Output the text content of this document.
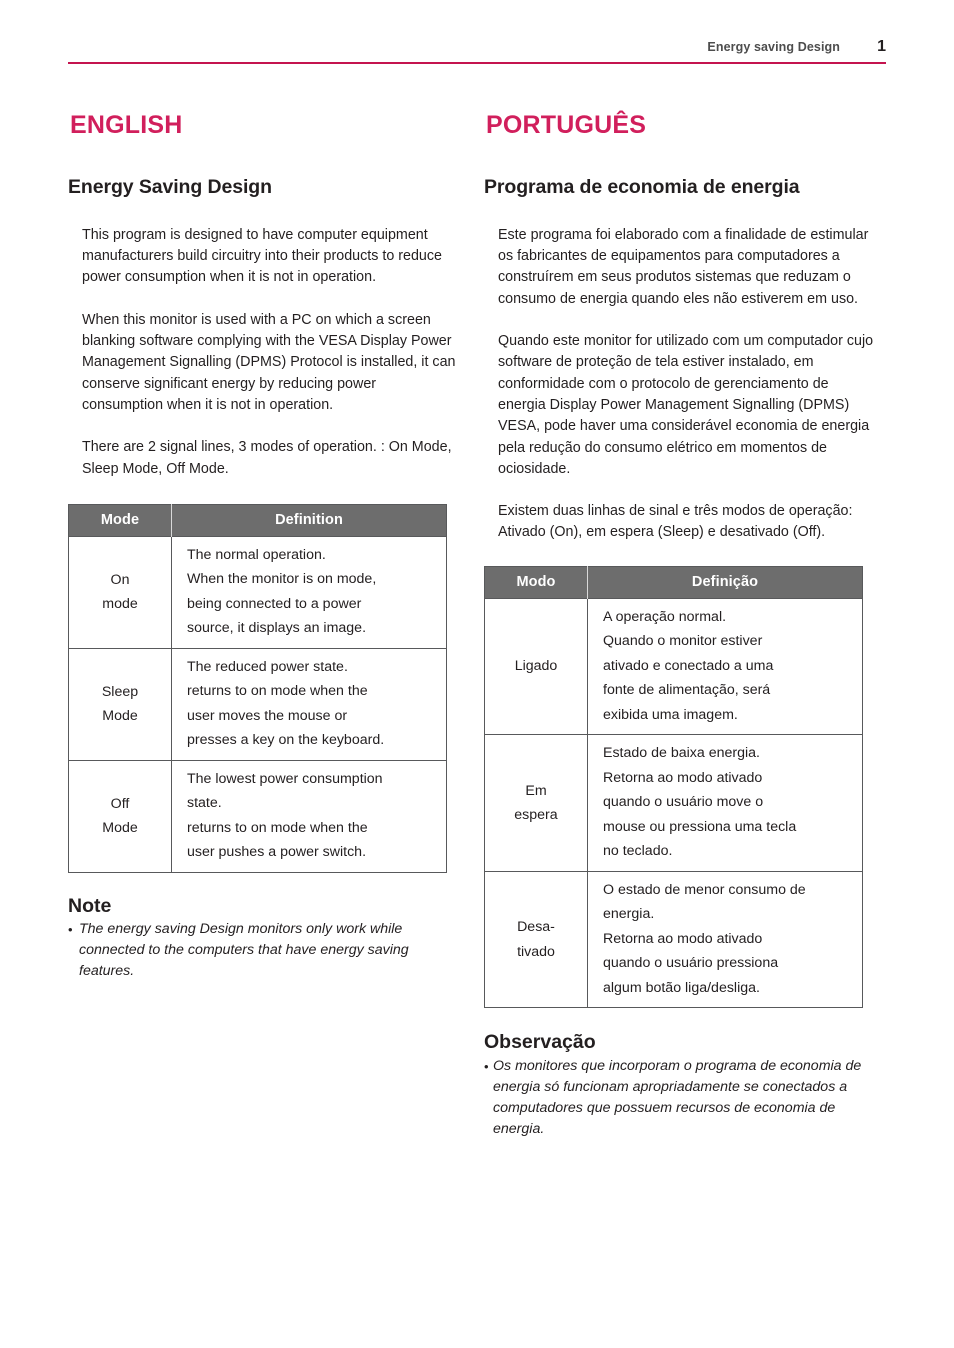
Energy saving Design	1
ENGLISH
Energy Saving Design

This program is designed to have computer equipment manufacturers build circuitry into their products to reduce power consumption when it is not in operation.

When this monitor is used with a PC on which a screen blanking software complying with the VESA Display Power Management Signalling (DPMS) Protocol is installed, it can conserve significant energy by reducing power consumption when it is not in operation.

There are 2 signal lines, 3 modes of operation. : On Mode, Sleep Mode, Off Mode.

Mode	Definition

On
mode	The normal operation.
When the monitor is on mode,
being connected to a power
source, it displays an image.

Sleep
Mode	The reduced power state.
returns to on mode when the
user moves the mouse or
presses a key on the keyboard.

Off
Mode	The lowest power consumption
state.
returns to on mode when the
user pushes a power switch.
Note
• The energy saving Design monitors only work while connected to the computers that have energy saving features.
PORTUGUÊS
Programa de economia de energia

Este programa foi elaborado com a finalidade de estimular os fabricantes de equipamentos para computadores a construírem em seus produtos sistemas que reduzam o consumo de energia quando eles não estiverem em uso.

Quando este monitor for utilizado com um computador cujo software de proteção de tela estiver instalado, em conformidade com o protocolo de gerenciamento de energia Display Power Management Signalling (DPMS) VESA, pode haver uma considerável economia de energia pela redução do consumo elétrico em momentos de ociosidade.

Existem duas linhas de sinal e três modos de operação: Ativado (On), em espera (Sleep) e desativado (Off).

Modo	Definição

Ligado	A operação normal.
Quando o monitor estiver
ativado e conectado a uma
fonte de alimentação, será
exibida uma imagem.

Em
espera	Estado de baixa energia.
Retorna ao modo ativado
quando o usuário move o
mouse ou pressiona uma tecla
no teclado.

Desa-
tivado	O estado de menor consumo de
energia.
Retorna ao modo ativado
quando o usuário pressiona
algum botão liga/desliga.
Observação
• Os monitores que incorporam o programa de economia de energia só funcionam apropriadamente se conectados a computadores que possuem recursos de economia de energia.
